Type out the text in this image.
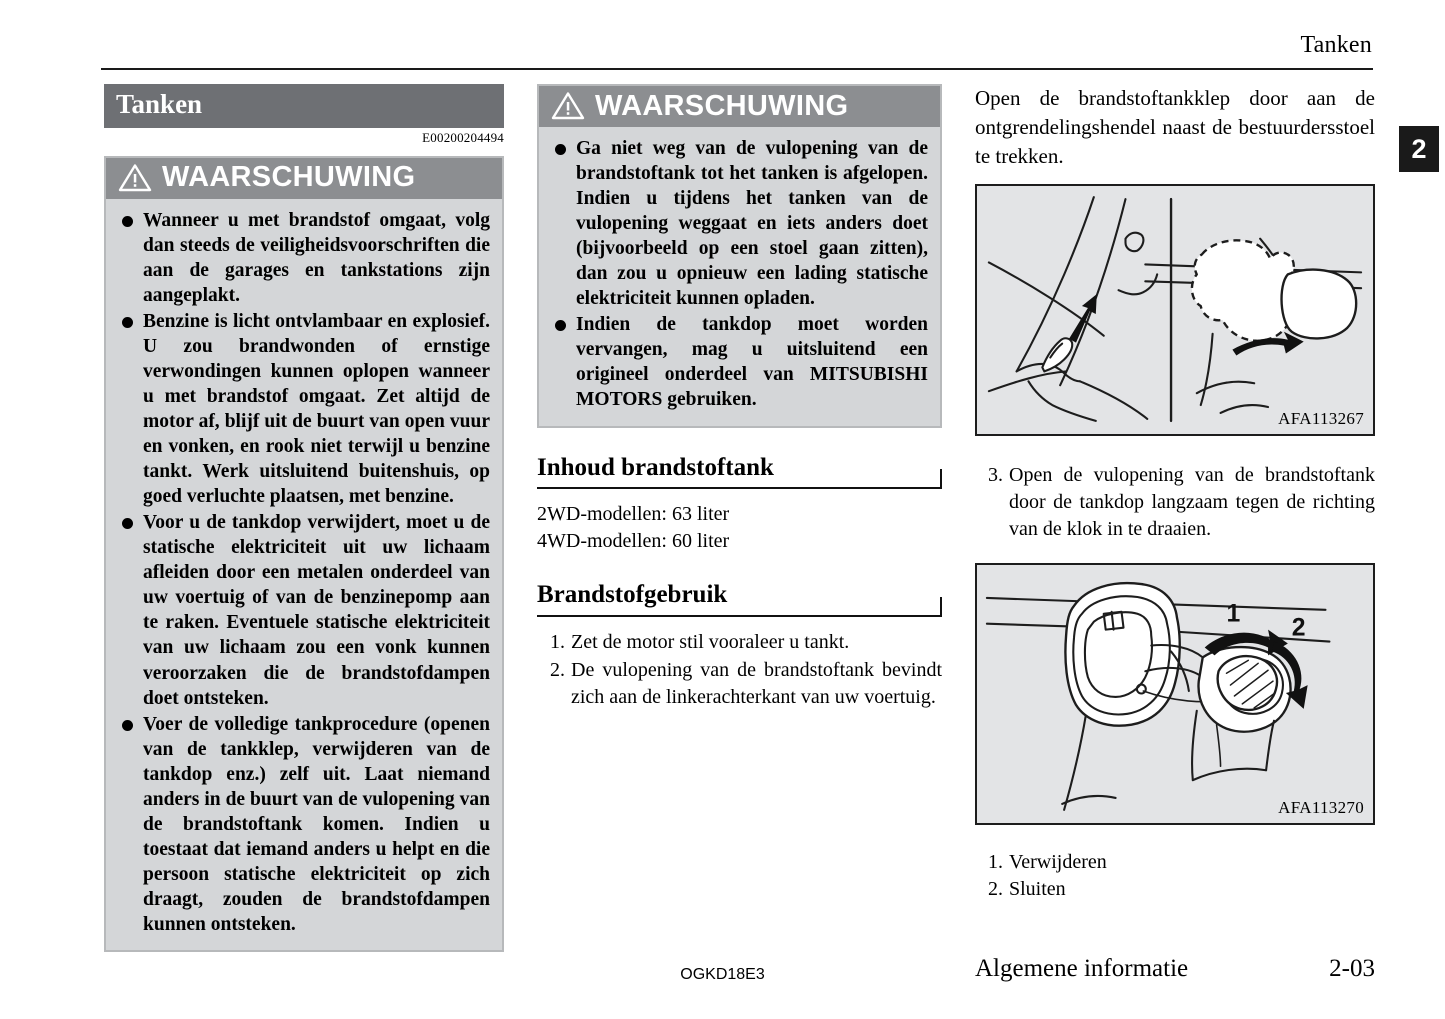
Tanken
2
Tanken
E00200204494
WAARSCHUWING
Wanneer u met brandstof omgaat, volg dan steeds de veiligheidsvoorschriften die aan de garages en tankstations zijn aangeplakt.
Benzine is licht ontvlambaar en explosief. U zou brandwonden of ernstige verwondingen kunnen oplopen wanneer u met brandstof omgaat. Zet altijd de motor af, blijf uit de buurt van open vuur en vonken, en rook niet terwijl u benzine tankt. Werk uitsluitend buitenshuis, op goed verluchte plaatsen, met benzine.
Voor u de tankdop verwijdert, moet u de statische elektriciteit uit uw lichaam afleiden door een metalen onderdeel van uw voertuig of van de benzinepomp aan te raken. Eventuele statische elektriciteit van uw lichaam zou een vonk kunnen veroorzaken die de brandstofdampen doet ontsteken.
Voer de volledige tankprocedure (openen van de tankklep, verwijderen van de tankdop enz.) zelf uit. Laat niemand anders in de buurt van de vulopening van de brandstoftank komen. Indien u toestaat dat iemand anders u helpt en die persoon statische elektriciteit op zich draagt, zouden de brandstofdampen kunnen ontsteken.
WAARSCHUWING
Ga niet weg van de vulopening van de brandstoftank tot het tanken is afgelopen. Indien u tijdens het tanken van de vulopening weggaat en iets anders doet (bijvoorbeeld op een stoel gaan zitten), dan zou u opnieuw een lading statische elektriciteit kunnen opladen.
Indien de tankdop moet worden vervangen, mag u uitsluitend een origineel onderdeel van MITSUBISHI MOTORS gebruiken.
Inhoud brandstoftank
2WD-modellen: 63 liter
4WD-modellen: 60 liter
Brandstofgebruik
1. Zet de motor stil vooraleer u tankt.
2. De vulopening van de brandstoftank bevindt zich aan de linkerachterkant van uw voertuig.
Open de brandstoftankklep door aan de ontgrendelingshendel naast de bestuurdersstoel te trekken.
AFA113267
3. Open de vulopening van de brandstoftank door de tankdop langzaam tegen de richting van de klok in te draaien.
1
2
AFA113270
1. Verwijderen
2. Sluiten
OGKD18E3	Algemene informatie	2-03
